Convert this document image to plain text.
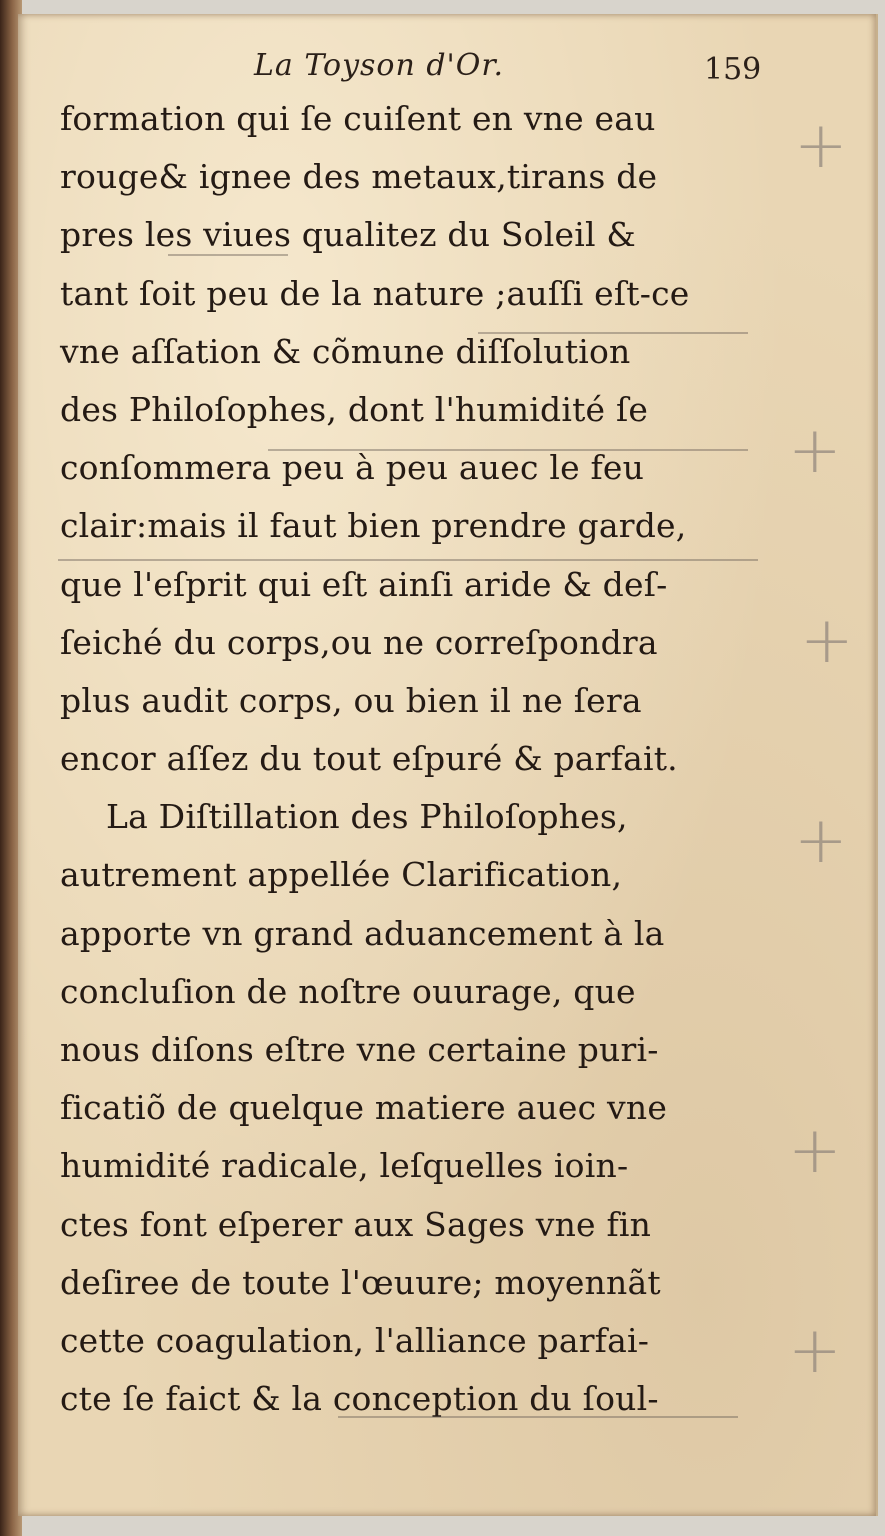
La Toyson d'Or.	159
formation qui ſe cuiſent en vne eau
rouge& ignee des metaux,tirans de
pres les viues qualitez du Soleil &
tant ſoit peu de la nature ;auſſi eſt-ce
vne aſſation & cõmune diſſolution
des Philoſophes, dont l'humidité ſe
conſommera peu à peu auec le feu
clair:mais il faut bien prendre garde,
que l'eſprit qui eſt ainſi aride & deſ-
ſeiché du corps,ou ne correſpondra
plus audit corps, ou bien il ne ſera
encor aſſez du tout eſpuré & parfait.
La Diſtillation des Philoſophes,
autrement appellée Clarification,
apporte vn grand aduancement à la
concluſion de noſtre ouurage, que
nous diſons eſtre vne certaine puri-
ficatiõ de quelque matiere auec vne
humidité radicale, leſquelles ioin-
ctes font eſperer aux Sages vne fin
deſiree de toute l'œuure; moyennãt
cette coagulation, l'alliance parfai-
cte ſe faict & la conception du ſoul-
+
+
+
+
+
+
